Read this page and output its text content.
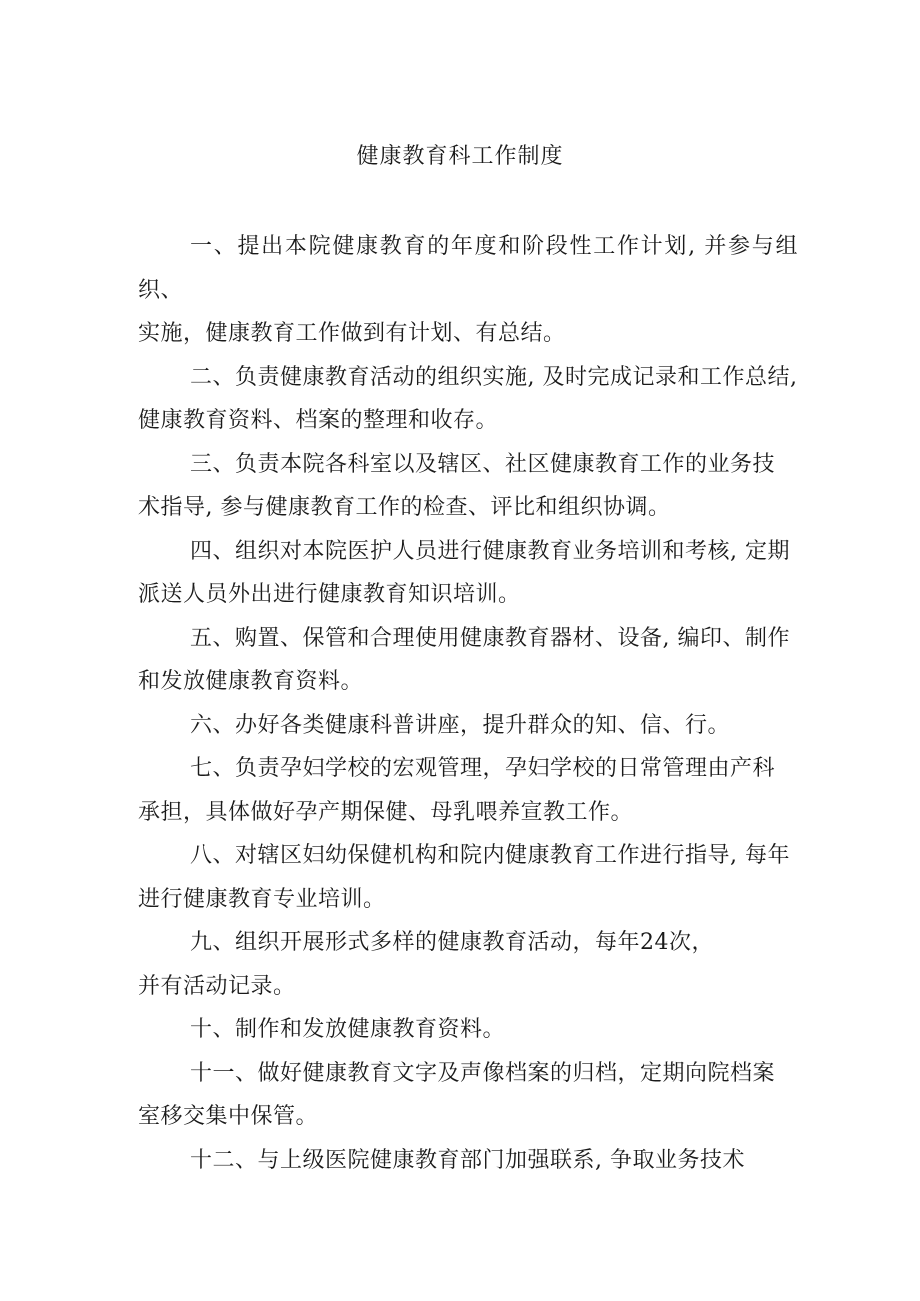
健康教育科工作制度

一、提出本院健康教育的年度和阶段性工作计划, 并参与组织、
实施，健康教育工作做到有计划、有总结。

二、负责健康教育活动的组织实施, 及时完成记录和工作总结,
健康教育资料、档案的整理和收存。

三、负责本院各科室以及辖区、社区健康教育工作的业务技
术指导, 参与健康教育工作的检查、评比和组织协调。

四、组织对本院医护人员进行健康教育业务培训和考核, 定期
派送人员外出进行健康教育知识培训。

五、购置、保管和合理使用健康教育器材、设备, 编印、制作
和发放健康教育资料。

六、办好各类健康科普讲座，提升群众的知、信、行。

七、负责孕妇学校的宏观管理，孕妇学校的日常管理由产科
承担，具体做好孕产期保健、母乳喂养宣教工作。

八、对辖区妇幼保健机构和院内健康教育工作进行指导, 每年
进行健康教育专业培训。

九、组织开展形式多样的健康教育活动，每年24次，
并有活动记录。

十、制作和发放健康教育资料。

十一、做好健康教育文字及声像档案的归档，定期向院档案
室移交集中保管。

十二、与上级医院健康教育部门加强联系, 争取业务技术
